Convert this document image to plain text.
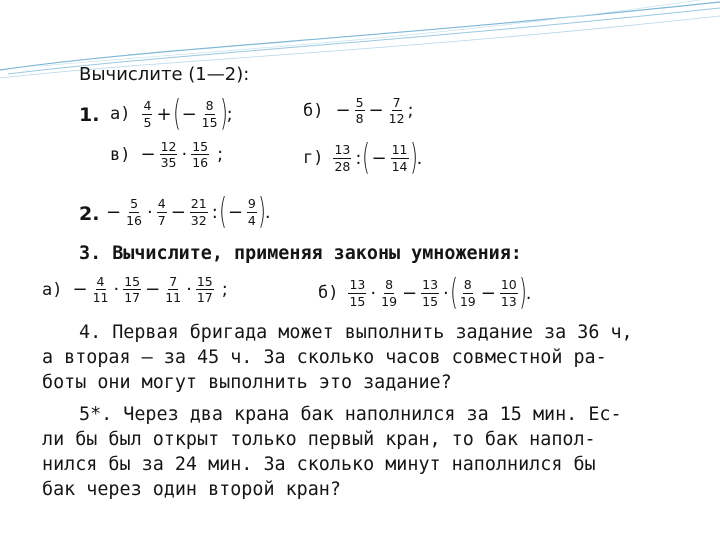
Вычислите (1—2):
1. $а) \frac{4}{5}$ + ( − $\frac{8}{15}$ ) ;	$б) - \frac{5}{8} - \frac{7}{12}$ ;
$в) - \frac{12}{35} \cdot \frac{15}{16}$ ;	$г) \frac{13}{28}$ : ( − $\frac{11}{14}$ ) .
2. − $\frac{5}{16} \cdot \frac{4}{7} - \frac{21}{32}$ : ( − $\frac{9}{4}$ ) .
3. Вычислите, применяя законы умножения:
$а) - \frac{4}{11} \cdot \frac{15}{17} - \frac{7}{11} \cdot \frac{15}{17}$ ;	$б) \frac{13}{15} \cdot \frac{8}{19} - \frac{13}{15}$ · ( $\frac{8}{19} - \frac{10}{13}$ ) .
4. Первая бригада может выполнить задание за 36 ч,
а вторая — за 45 ч. За сколько часов совместной ра-
боты они могут выполнить это задание?
5*. Через два крана бак наполнился за 15 мин. Ес-
ли бы был открыт только первый кран, то бак напол-
нился бы за 24 мин. За сколько минут наполнился бы
бак через один второй кран?
